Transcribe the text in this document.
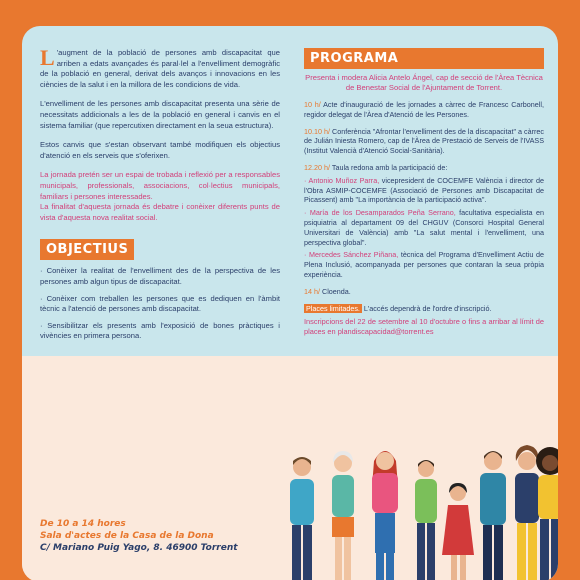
L 'augment de la població de persones amb discapacitat que arriben a edats avançades és paral·lel a l'envelliment demogràfic de la població en general, derivat dels avanços i innovacions en les ciències de la salut i en la millora de les condicions de vida.

L'envelliment de les persones amb discapacitat presenta una sèrie de necessitats addicionals a les de la població en general i canvis en el sistema familiar (que repercutixen directament en la seua estructura).

Estos canvis que s'estan observant també modifiquen els objectius d'atenció en els serveis que s'oferixen.

La jornada pretén ser un espai de trobada i reflexió per a responsables municipals, professionals, associacions, col·lectius municipals, familiars i persones interessades.

La finalitat d'aquesta jornada és debatre i conèixer diferents punts de vista d'aquesta nova realitat social.

OBJECTIUS

· Conèixer la realitat de l'envelliment des de la perspectiva de les persones amb algun tipus de discapacitat.

· Conèixer com treballen les persones que es dediquen en l'àmbit tècnic a l'atenció de persones amb discapacitat.

· Sensibilitzar els presents amb l'exposició de bones pràctiques i vivències en primera persona.

De 10 a 14 hores
Sala d'actes de la Casa de la Dona
C/ Mariano Puig Yago, 8. 46900 Torrent
PROGRAMA

Presenta i modera Alicia Antelo Ángel, cap de secció de l'Àrea Tècnica de Benestar Social de l'Ajuntament de Torrent.

10 h/ Acte d'inauguració de les jornades a càrrec de Francesc Carbonell, regidor delegat de l'Àrea d'Atenció de les Persones.

10.10 h/ Conferència "Afrontar l'envelliment des de la discapacitat" a càrrec de Julián Iniesta Romero, cap de l'Àrea de Prestació de Serveis de l'IVASS (Institut Valencià d'Atenció Social-Sanitària).

12.20 h/ Taula redona amb la participació de:

· Antonio Muñoz Parra, vicepresident de COCEMFE València i director de l'Obra ASMIP-COCEMFE (Associació de Persones amb Discapacitat de Picassent) amb "La importància de la participació activa".

· María de los Desamparados Peña Serrano, facultativa especialista en psiquiatria al departament 09 del CHGUV (Consorci Hospital General Universitari de València) amb "La salut mental i l'envelliment, una perspectiva global".

· Mercedes Sánchez Piñana, tècnica del Programa d'Envelliment Actiu de Plena Inclusió, acompanyada per persones que contaran la seua pròpia experiència.

14 h/ Cloenda.

Places limitades. L'accés dependrà de l'ordre d'inscripció.

Inscripcions del 22 de setembre al 10 d'octubre o fins a arribar al límit de places en plandiscapacidad@torrent.es
